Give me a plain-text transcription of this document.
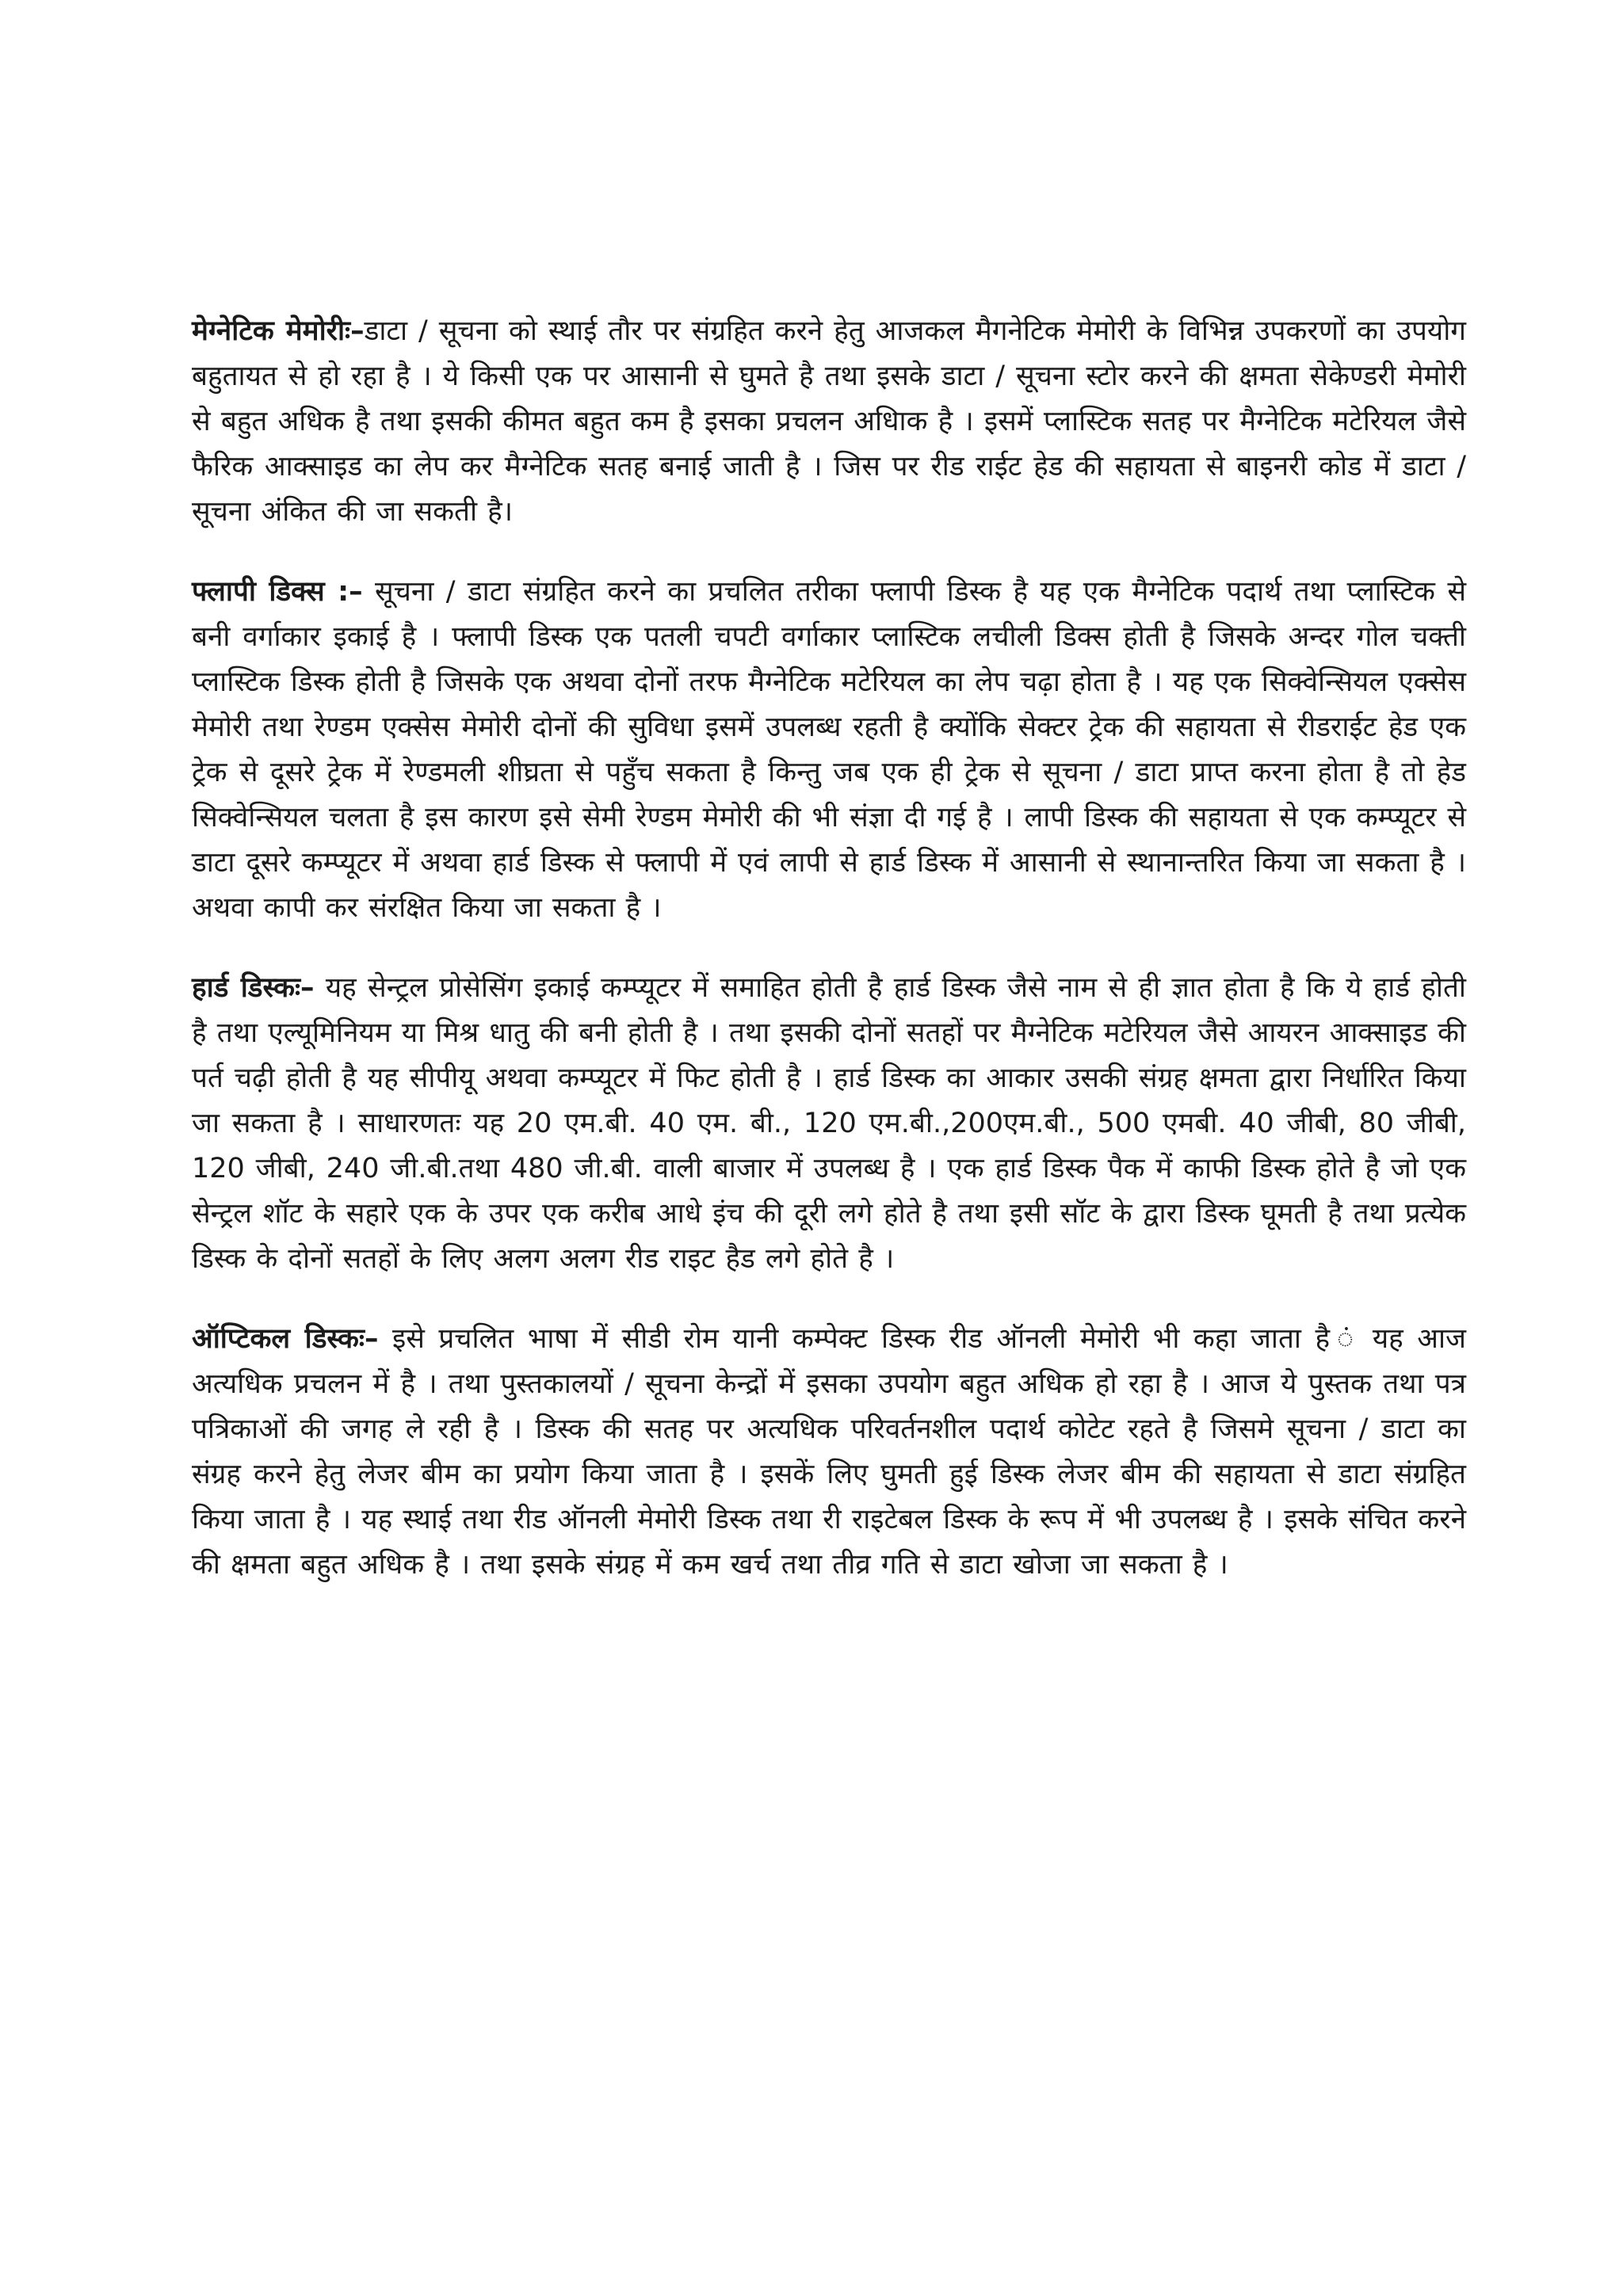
मेग्नेटिक मेमोरीः–डाटा / सूचना को स्थाई तौर पर संग्रहित करने हेतु आजकल मैगनेटिक मेमोरी के विभिन्न उपकरणों का उपयोग बहुतायत से हो रहा है । ये किसी एक पर आसानी से घुमते है तथा इसके डाटा / सूचना स्टोर करने की क्षमता सेकेण्डरी मेमोरी से बहुत अधिक है तथा इसकी कीमत बहुत कम है इसका प्रचलन अधिाक है । इसमें प्लास्टिक सतह पर मैग्नेटिक मटेरियल जैसे फैरिक आक्साइड का लेप कर मैग्नेटिक सतह बनाई जाती है । जिस पर रीड राईट हेड की सहायता से बाइनरी कोड में डाटा / सूचना अंकित की जा सकती है।

फ्लापी डिक्स :– सूचना / डाटा संग्रहित करने का प्रचलित तरीका फ्लापी डिस्क है यह एक मैग्नेटिक पदार्थ तथा प्लास्टिक से बनी वर्गाकार इकाई है । फ्लापी डिस्क एक पतली चपटी वर्गाकार प्लास्टिक लचीली डिक्स होती है जिसके अन्दर गोल चक्ती प्लास्टिक डिस्क होती है जिसके एक अथवा दोनों तरफ मैग्नेटिक मटेरियल का लेप चढ़ा होता है । यह एक सिक्वेन्सियल एक्सेस मेमोरी तथा रेण्डम एक्सेस मेमोरी दोनों की सुविधा इसमें उपलब्ध रहती है क्योंकि सेक्टर ट्रेक की सहायता से रीडराईट हेड एक ट्रेक से दूसरे ट्रेक में रेण्डमली शीघ्रता से पहुँच सकता है किन्तु जब एक ही ट्रेक से सूचना / डाटा प्राप्त करना होता है तो हेड सिक्वेन्सियल चलता है इस कारण इसे सेमी रेण्डम मेमोरी की भी संज्ञा दी गई है । लापी डिस्क की सहायता से एक कम्प्यूटर से डाटा दूसरे कम्प्यूटर में अथवा हार्ड डिस्क से फ्लापी में एवं लापी से हार्ड डिस्क में आसानी से स्थानान्तरित किया जा सकता है । अथवा कापी कर संरक्षित किया जा सकता है ।

हार्ड डिस्कः– यह सेन्ट्रल प्रोसेसिंग इकाई कम्प्यूटर में समाहित होती है हार्ड डिस्क जैसे नाम से ही ज्ञात होता है कि ये हार्ड होती है तथा एल्यूमिनियम या मिश्र धातु की बनी होती है । तथा इसकी दोनों सतहों पर मैग्नेटिक मटेरियल जैसे आयरन आक्साइड की पर्त चढ़ी होती है यह सीपीयू अथवा कम्प्यूटर में फिट होती है । हार्ड डिस्क का आकार उसकी संग्रह क्षमता द्वारा निर्धारित किया जा सकता है । साधारणतः यह 20 एम.बी. 40 एम. बी., 120 एम.बी.,200एम.बी., 500 एमबी. 40 जीबी, 80 जीबी, 120 जीबी, 240 जी.बी.तथा 480 जी.बी. वाली बाजार में उपलब्ध है । एक हार्ड डिस्क पैक में काफी डिस्क होते है जो एक सेन्ट्रल शॉट के सहारे एक के उपर एक करीब आधे इंच की दूरी लगे होते है तथा इसी सॉट के द्वारा डिस्क घूमती है तथा प्रत्येक डिस्क के दोनों सतहों के लिए अलग अलग रीड राइट हैड लगे होते है ।

ऑप्टिकल डिस्कः– इसे प्रचलित भाषा में सीडी रोम यानी कम्पेक्ट डिस्क रीड ऑनली मेमोरी भी कहा जाता है ं यह आज अत्यधिक प्रचलन में है । तथा पुस्तकालयों / सूचना केन्द्रों में इसका उपयोग बहुत अधिक हो रहा है । आज ये पुस्तक तथा पत्र पत्रिकाओं की जगह ले रही है । डिस्क की सतह पर अत्यधिक परिवर्तनशील पदार्थ कोटेट रहते है जिसमे सूचना / डाटा का संग्रह करने हेतु लेजर बीम का प्रयोग किया जाता है । इसकें लिए घुमती हुई डिस्क लेजर बीम की सहायता से डाटा संग्रहित किया जाता है । यह स्थाई तथा रीड ऑनली मेमोरी डिस्क तथा री राइटेबल डिस्क के रूप में भी उपलब्ध है । इसके संचित करने की क्षमता बहुत अधिक है । तथा इसके संग्रह में कम खर्च तथा तीव्र गति से डाटा खोजा जा सकता है ।
